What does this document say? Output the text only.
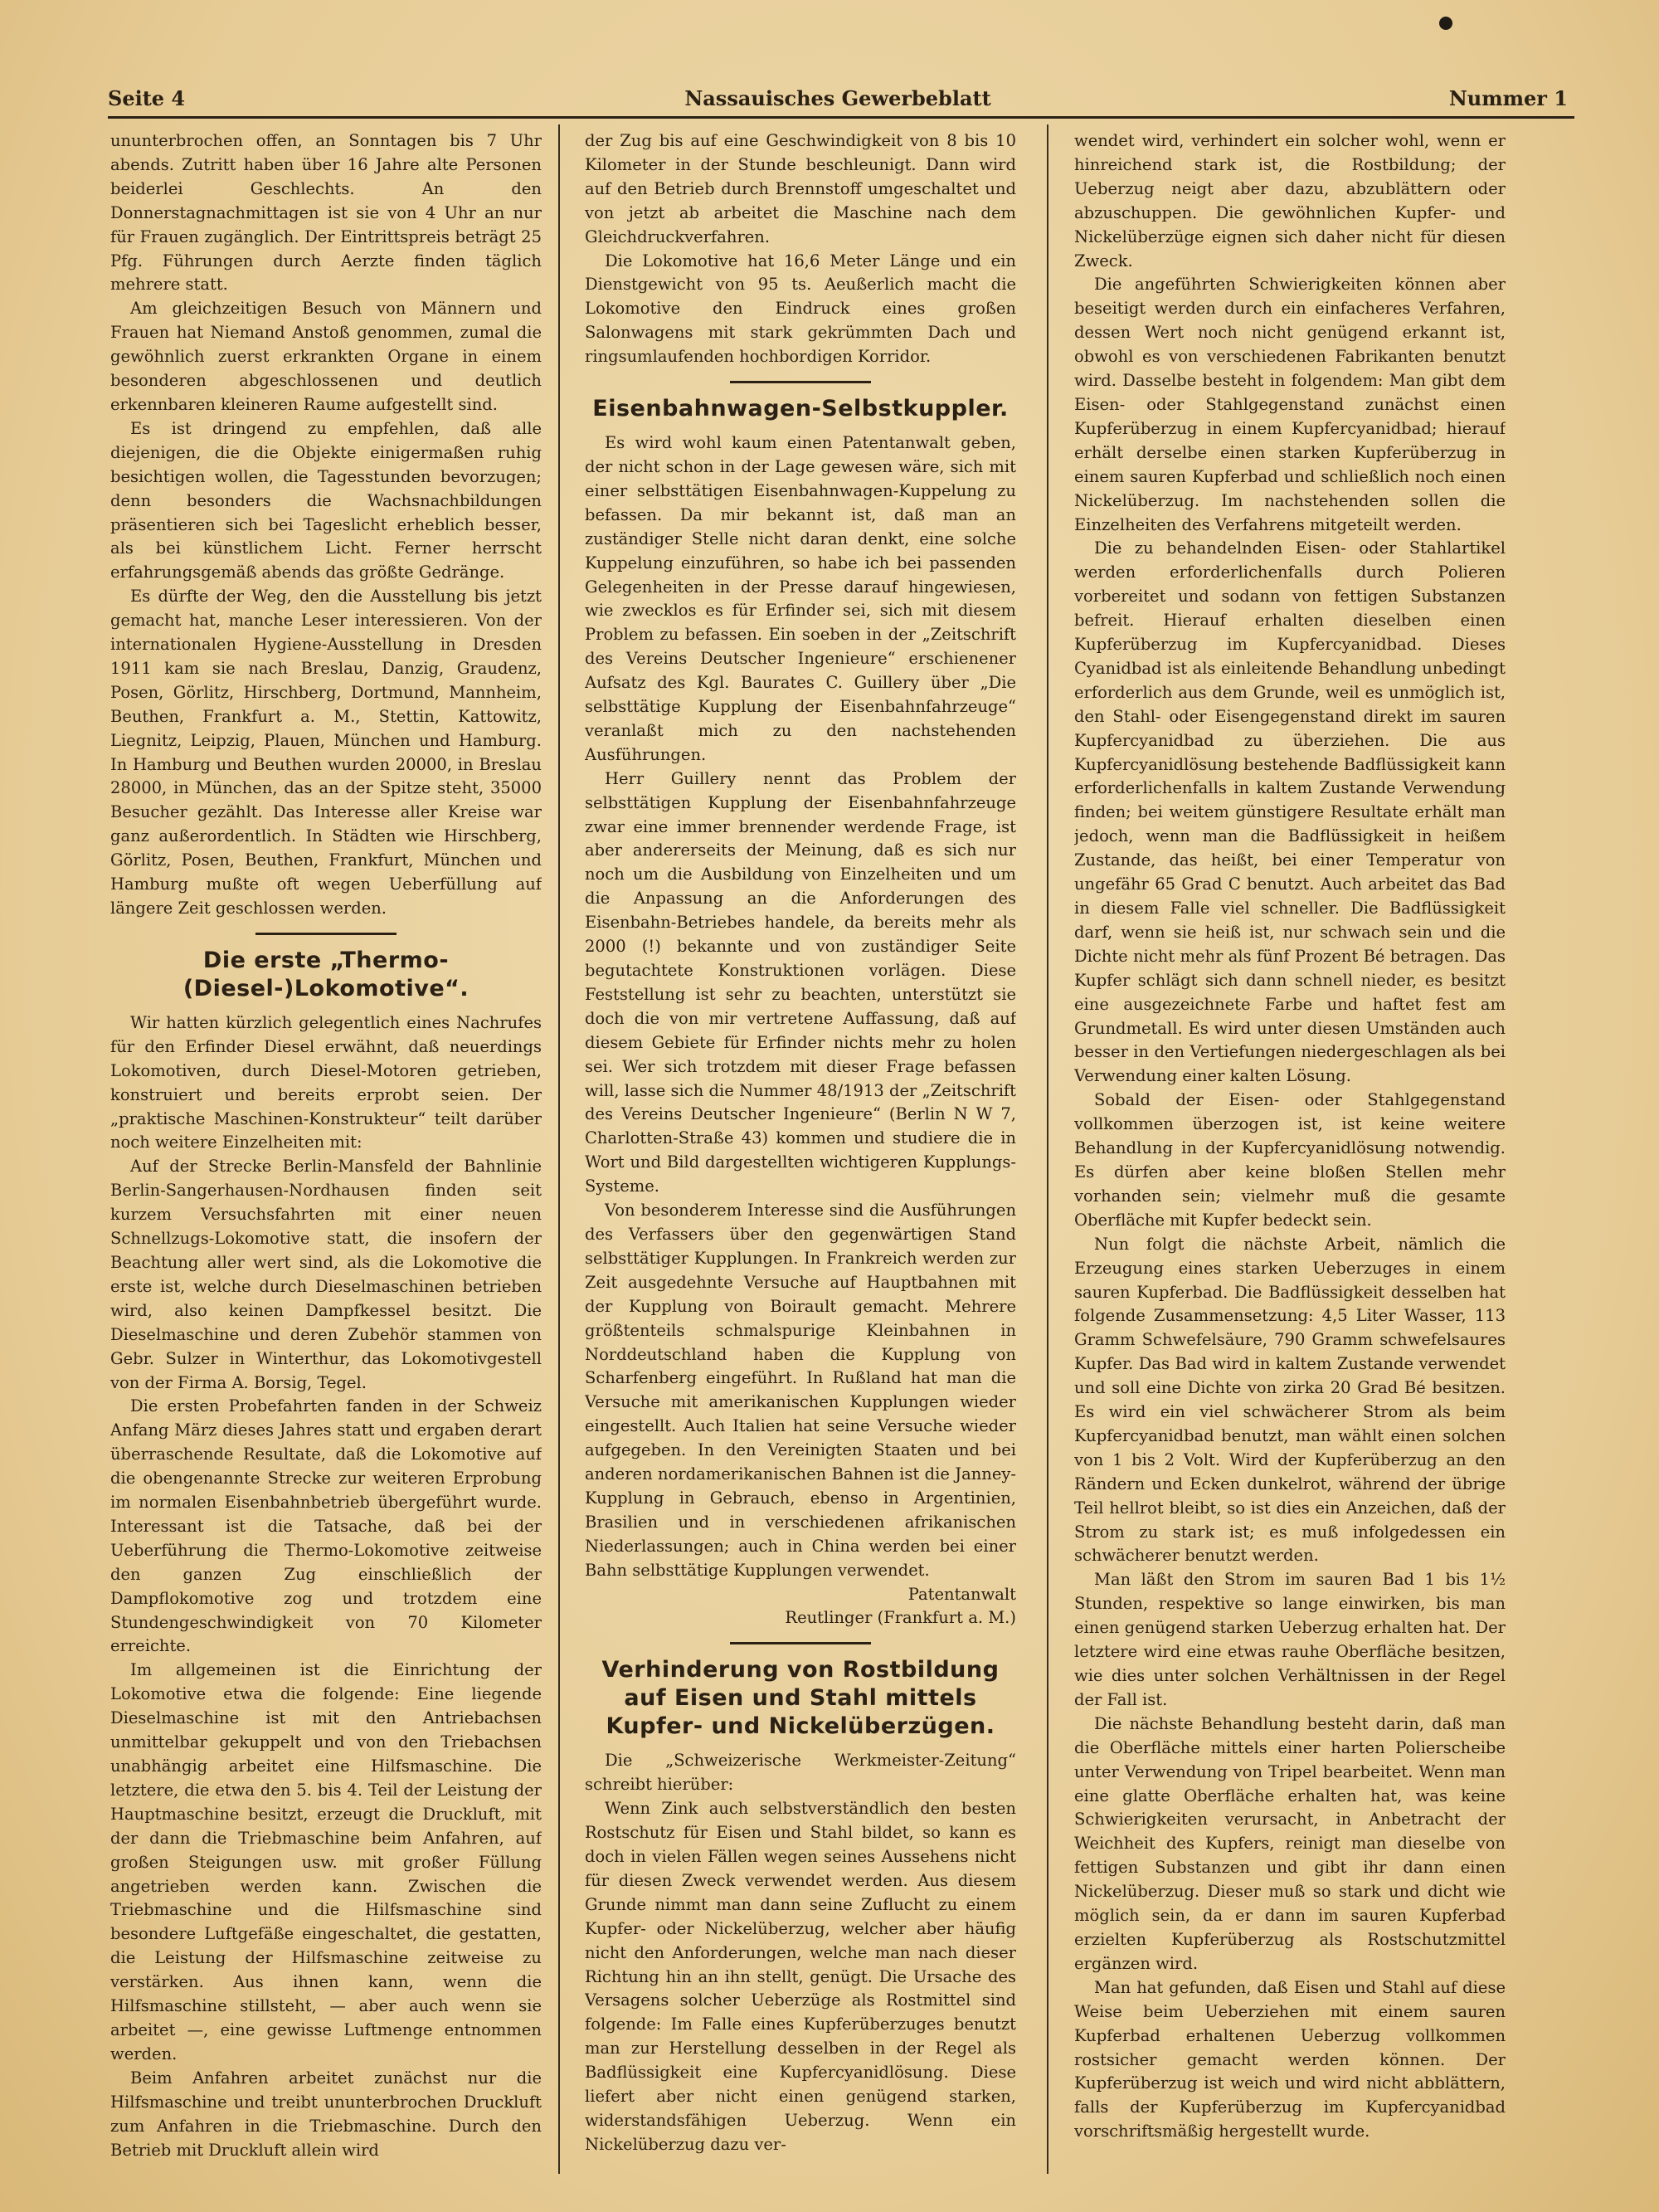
Seite 4	Nassauisches Gewerbeblatt	Nummer 1

ununterbrochen offen, an Sonntagen bis 7 Uhr abends. Zutritt haben über 16 Jahre alte Personen beiderlei Geschlechts. An den Donnerstagnachmittagen ist sie von 4 Uhr an nur für Frauen zugänglich. Der Eintrittspreis beträgt 25 Pfg. Führungen durch Aerzte finden täglich mehrere statt.

Am gleichzeitigen Besuch von Männern und Frauen hat Niemand Anstoß genommen, zumal die gewöhnlich zuerst erkrankten Organe in einem besonderen abgeschlossenen und deutlich erkennbaren kleineren Raume aufgestellt sind.

Es ist dringend zu empfehlen, daß alle diejenigen, die die Objekte einigermaßen ruhig besichtigen wollen, die Tagesstunden bevorzugen; denn besonders die Wachsnachbildungen präsentieren sich bei Tageslicht erheblich besser, als bei künstlichem Licht. Ferner herrscht erfahrungsgemäß abends das größte Gedränge.

Es dürfte der Weg, den die Ausstellung bis jetzt gemacht hat, manche Leser interessieren. Von der internationalen Hygiene-Ausstellung in Dresden 1911 kam sie nach Breslau, Danzig, Graudenz, Posen, Görlitz, Hirschberg, Dortmund, Mannheim, Beuthen, Frankfurt a. M., Stettin, Kattowitz, Liegnitz, Leipzig, Plauen, München und Hamburg. In Hamburg und Beuthen wurden 20000, in Breslau 28000, in München, das an der Spitze steht, 35000 Besucher gezählt. Das Interesse aller Kreise war ganz außerordentlich. In Städten wie Hirschberg, Görlitz, Posen, Beuthen, Frankfurt, München und Hamburg mußte oft wegen Ueberfüllung auf längere Zeit geschlossen werden.

Die erste „Thermo-(Diesel-)Lokomotive“.

Wir hatten kürzlich gelegentlich eines Nachrufes für den Erfinder Diesel erwähnt, daß neuerdings Lokomotiven, durch Diesel-Motoren getrieben, konstruiert und bereits erprobt seien. Der „praktische Maschinen-Konstrukteur“ teilt darüber noch weitere Einzelheiten mit:

Auf der Strecke Berlin-Mansfeld der Bahnlinie Berlin-Sangerhausen-Nordhausen finden seit kurzem Versuchsfahrten mit einer neuen Schnellzugs-Lokomotive statt, die insofern der Beachtung aller wert sind, als die Lokomotive die erste ist, welche durch Dieselmaschinen betrieben wird, also keinen Dampfkessel besitzt. Die Dieselmaschine und deren Zubehör stammen von Gebr. Sulzer in Winterthur, das Lokomotivgestell von der Firma A. Borsig, Tegel.

Die ersten Probefahrten fanden in der Schweiz Anfang März dieses Jahres statt und ergaben derart überraschende Resultate, daß die Lokomotive auf die obengenannte Strecke zur weiteren Erprobung im normalen Eisenbahnbetrieb übergeführt wurde. Interessant ist die Tatsache, daß bei der Ueberführung die Thermo-Lokomotive zeitweise den ganzen Zug einschließlich der Dampflokomotive zog und trotzdem eine Stundengeschwindigkeit von 70 Kilometer erreichte.

Im allgemeinen ist die Einrichtung der Lokomotive etwa die folgende: Eine liegende Dieselmaschine ist mit den Antriebachsen unmittelbar gekuppelt und von den Triebachsen unabhängig arbeitet eine Hilfsmaschine. Die letztere, die etwa den 5. bis 4. Teil der Leistung der Hauptmaschine besitzt, erzeugt die Druckluft, mit der dann die Triebmaschine beim Anfahren, auf großen Steigungen usw. mit großer Füllung angetrieben werden kann. Zwischen die Triebmaschine und die Hilfsmaschine sind besondere Luftgefäße eingeschaltet, die gestatten, die Leistung der Hilfsmaschine zeitweise zu verstärken. Aus ihnen kann, wenn die Hilfsmaschine stillsteht, — aber auch wenn sie arbeitet —, eine gewisse Luftmenge entnommen werden.

Beim Anfahren arbeitet zunächst nur die Hilfsmaschine und treibt ununterbrochen Druckluft zum Anfahren in die Triebmaschine. Durch den Betrieb mit Druckluft allein wird

der Zug bis auf eine Geschwindigkeit von 8 bis 10 Kilometer in der Stunde beschleunigt. Dann wird auf den Betrieb durch Brennstoff umgeschaltet und von jetzt ab arbeitet die Maschine nach dem Gleichdruckverfahren.

Die Lokomotive hat 16,6 Meter Länge und ein Dienstgewicht von 95 ts. Aeußerlich macht die Lokomotive den Eindruck eines großen Salonwagens mit stark gekrümmten Dach und ringsumlaufenden hochbordigen Korridor.

Eisenbahnwagen-Selbstkuppler.

Es wird wohl kaum einen Patentanwalt geben, der nicht schon in der Lage gewesen wäre, sich mit einer selbsttätigen Eisenbahnwagen-Kuppelung zu befassen. Da mir bekannt ist, daß man an zuständiger Stelle nicht daran denkt, eine solche Kuppelung einzuführen, so habe ich bei passenden Gelegenheiten in der Presse darauf hingewiesen, wie zwecklos es für Erfinder sei, sich mit diesem Problem zu befassen. Ein soeben in der „Zeitschrift des Vereins Deutscher Ingenieure“ erschienener Aufsatz des Kgl. Baurates C. Guillery über „Die selbsttätige Kupplung der Eisenbahnfahrzeuge“ veranlaßt mich zu den nachstehenden Ausführungen.

Herr Guillery nennt das Problem der selbsttätigen Kupplung der Eisenbahnfahrzeuge zwar eine immer brennender werdende Frage, ist aber andererseits der Meinung, daß es sich nur noch um die Ausbildung von Einzelheiten und um die Anpassung an die Anforderungen des Eisenbahn-Betriebes handele, da bereits mehr als 2000 (!) bekannte und von zuständiger Seite begutachtete Konstruktionen vorlägen. Diese Feststellung ist sehr zu beachten, unterstützt sie doch die von mir vertretene Auffassung, daß auf diesem Gebiete für Erfinder nichts mehr zu holen sei. Wer sich trotzdem mit dieser Frage befassen will, lasse sich die Nummer 48/1913 der „Zeitschrift des Vereins Deutscher Ingenieure“ (Berlin N W 7, Charlotten-Straße 43) kommen und studiere die in Wort und Bild dargestellten wichtigeren Kupplungs-Systeme.

Von besonderem Interesse sind die Ausführungen des Verfassers über den gegenwärtigen Stand selbsttätiger Kupplungen. In Frankreich werden zur Zeit ausgedehnte Versuche auf Hauptbahnen mit der Kupplung von Boirault gemacht. Mehrere größtenteils schmalspurige Kleinbahnen in Norddeutschland haben die Kupplung von Scharfenberg eingeführt. In Rußland hat man die Versuche mit amerikanischen Kupplungen wieder eingestellt. Auch Italien hat seine Versuche wieder aufgegeben. In den Vereinigten Staaten und bei anderen nordamerikanischen Bahnen ist die Janney-Kupplung in Gebrauch, ebenso in Argentinien, Brasilien und in verschiedenen afrikanischen Niederlassungen; auch in China werden bei einer Bahn selbsttätige Kupplungen verwendet.

Patentanwalt

Reutlinger (Frankfurt a. M.)

Verhinderung von Rostbildung auf Eisen und Stahl mittels Kupfer- und Nickelüberzügen.

Die „Schweizerische Werkmeister-Zeitung“ schreibt hierüber:

Wenn Zink auch selbstverständlich den besten Rostschutz für Eisen und Stahl bildet, so kann es doch in vielen Fällen wegen seines Aussehens nicht für diesen Zweck verwendet werden. Aus diesem Grunde nimmt man dann seine Zuflucht zu einem Kupfer- oder Nickelüberzug, welcher aber häufig nicht den Anforderungen, welche man nach dieser Richtung hin an ihn stellt, genügt. Die Ursache des Versagens solcher Ueberzüge als Rostmittel sind folgende: Im Falle eines Kupferüberzuges benutzt man zur Herstellung desselben in der Regel als Badflüssigkeit eine Kupfercyanidlösung. Diese liefert aber nicht einen genügend starken, widerstandsfähigen Ueberzug. Wenn ein Nickelüberzug dazu ver-

wendet wird, verhindert ein solcher wohl, wenn er hinreichend stark ist, die Rostbildung; der Ueberzug neigt aber dazu, abzublättern oder abzuschuppen. Die gewöhnlichen Kupfer- und Nickelüberzüge eignen sich daher nicht für diesen Zweck.

Die angeführten Schwierigkeiten können aber beseitigt werden durch ein einfacheres Verfahren, dessen Wert noch nicht genügend erkannt ist, obwohl es von verschiedenen Fabrikanten benutzt wird. Dasselbe besteht in folgendem: Man gibt dem Eisen- oder Stahlgegenstand zunächst einen Kupferüberzug in einem Kupfercyanidbad; hierauf erhält derselbe einen starken Kupferüberzug in einem sauren Kupferbad und schließlich noch einen Nickelüberzug. Im nachstehenden sollen die Einzelheiten des Verfahrens mitgeteilt werden.

Die zu behandelnden Eisen- oder Stahlartikel werden erforderlichenfalls durch Polieren vorbereitet und sodann von fettigen Substanzen befreit. Hierauf erhalten dieselben einen Kupferüberzug im Kupfercyanidbad. Dieses Cyanidbad ist als einleitende Behandlung unbedingt erforderlich aus dem Grunde, weil es unmöglich ist, den Stahl- oder Eisengegenstand direkt im sauren Kupfercyanidbad zu überziehen. Die aus Kupfercyanidlösung bestehende Badflüssigkeit kann erforderlichenfalls in kaltem Zustande Verwendung finden; bei weitem günstigere Resultate erhält man jedoch, wenn man die Badflüssigkeit in heißem Zustande, das heißt, bei einer Temperatur von ungefähr 65 Grad C benutzt. Auch arbeitet das Bad in diesem Falle viel schneller. Die Badflüssigkeit darf, wenn sie heiß ist, nur schwach sein und die Dichte nicht mehr als fünf Prozent Bé betragen. Das Kupfer schlägt sich dann schnell nieder, es besitzt eine ausgezeichnete Farbe und haftet fest am Grundmetall. Es wird unter diesen Umständen auch besser in den Vertiefungen niedergeschlagen als bei Verwendung einer kalten Lösung.

Sobald der Eisen- oder Stahlgegenstand vollkommen überzogen ist, ist keine weitere Behandlung in der Kupfercyanidlösung notwendig. Es dürfen aber keine bloßen Stellen mehr vorhanden sein; vielmehr muß die gesamte Oberfläche mit Kupfer bedeckt sein.

Nun folgt die nächste Arbeit, nämlich die Erzeugung eines starken Ueberzuges in einem sauren Kupferbad. Die Badflüssigkeit desselben hat folgende Zusammensetzung: 4,5 Liter Wasser, 113 Gramm Schwefelsäure, 790 Gramm schwefelsaures Kupfer. Das Bad wird in kaltem Zustande verwendet und soll eine Dichte von zirka 20 Grad Bé besitzen. Es wird ein viel schwächerer Strom als beim Kupfercyanidbad benutzt, man wählt einen solchen von 1 bis 2 Volt. Wird der Kupferüberzug an den Rändern und Ecken dunkelrot, während der übrige Teil hellrot bleibt, so ist dies ein Anzeichen, daß der Strom zu stark ist; es muß infolgedessen ein schwächerer benutzt werden.

Man läßt den Strom im sauren Bad 1 bis 1½ Stunden, respektive so lange einwirken, bis man einen genügend starken Ueberzug erhalten hat. Der letztere wird eine etwas rauhe Oberfläche besitzen, wie dies unter solchen Verhältnissen in der Regel der Fall ist.

Die nächste Behandlung besteht darin, daß man die Oberfläche mittels einer harten Polierscheibe unter Verwendung von Tripel bearbeitet. Wenn man eine glatte Oberfläche erhalten hat, was keine Schwierigkeiten verursacht, in Anbetracht der Weichheit des Kupfers, reinigt man dieselbe von fettigen Substanzen und gibt ihr dann einen Nickelüberzug. Dieser muß so stark und dicht wie möglich sein, da er dann im sauren Kupferbad erzielten Kupferüberzug als Rostschutzmittel ergänzen wird.

Man hat gefunden, daß Eisen und Stahl auf diese Weise beim Ueberziehen mit einem sauren Kupferbad erhaltenen Ueberzug vollkommen rostsicher gemacht werden können. Der Kupferüberzug ist weich und wird nicht abblättern, falls der Kupferüberzug im Kupfercyanidbad vorschriftsmäßig hergestellt wurde.
